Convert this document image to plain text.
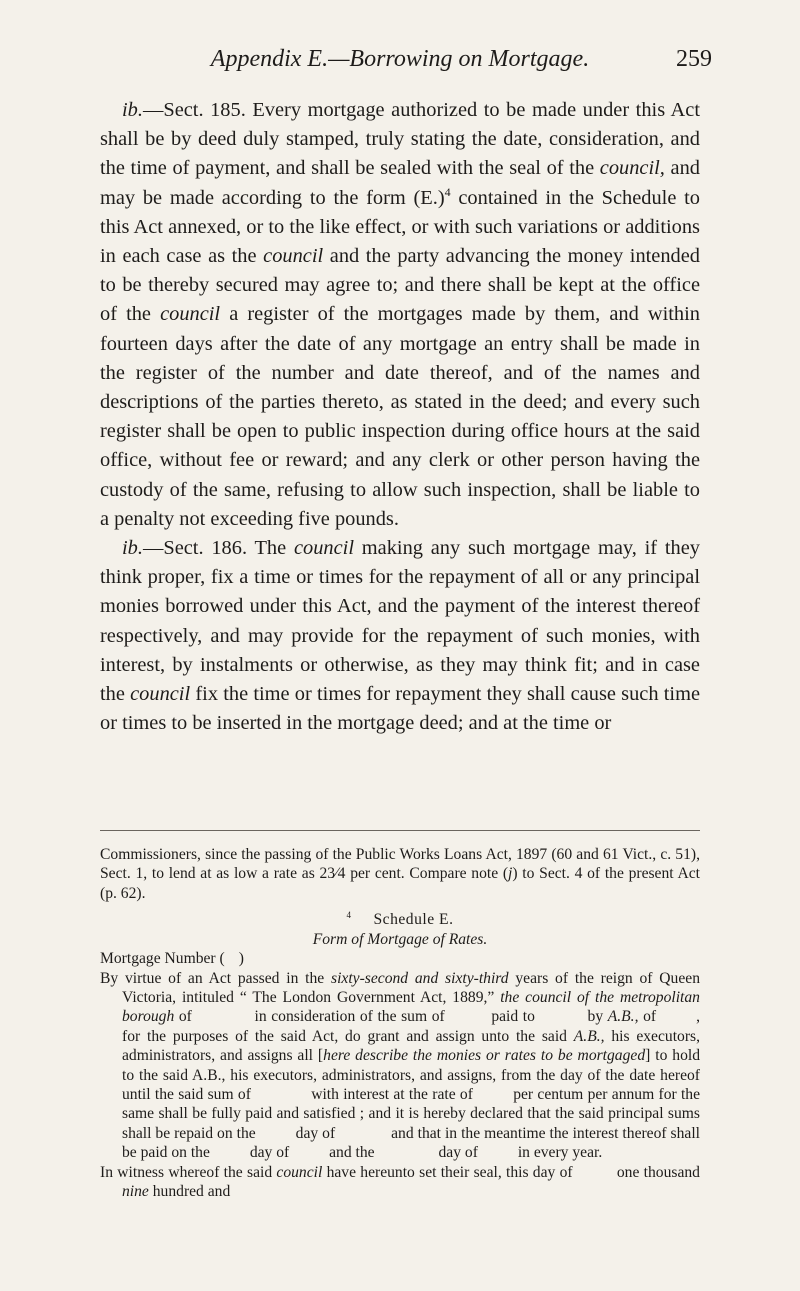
Appendix E.—Borrowing on Mortgage.	259

ib.—Sect. 185. Every mortgage authorized to be made under this Act shall be by deed duly stamped, truly stating the date, consideration, and the time of payment, and shall be sealed with the seal of the council, and may be made according to the form (E.)$^4$ contained in the Schedule to this Act annexed, or to the like effect, or with such variations or additions in each case as the council and the party advancing the money intended to be thereby secured may agree to; and there shall be kept at the office of the council a register of the mortgages made by them, and within fourteen days after the date of any mortgage an entry shall be made in the register of the number and date thereof, and of the names and descriptions of the parties thereto, as stated in the deed; and every such register shall be open to public inspection during office hours at the said office, without fee or reward; and any clerk or other person having the custody of the same, refusing to allow such inspection, shall be liable to a penalty not exceeding five pounds.

ib.—Sect. 186. The council making any such mortgage may, if they think proper, fix a time or times for the repayment of all or any principal monies borrowed under this Act, and the payment of the interest thereof respectively, and may provide for the repayment of such monies, with interest, by instalments or otherwise, as they may think fit; and in case the council fix the time or times for repayment they shall cause such time or times to be inserted in the mortgage deed; and at the time or

Commissioners, since the passing of the Public Works Loans Act, 1897 (60 and 61 Vict., c. 51), Sect. 1, to lend at as low a rate as 23⁄4 per cent. Compare note (j) to Sect. 4 of the present Act (p. 62).

$^4$ Schedule E.

Form of Mortgage of Rates.

Mortgage Number ( )

By virtue of an Act passed in the sixty-second and sixty-third years of the reign of Queen Victoria, intituled “ The London Government Act, 1889,” the council of the metropolitan borough of	in consideration of the sum of	paid to	by A.B., of	, for the purposes of the said Act, do grant and assign unto the said A.B., his executors, administrators, and assigns all [here describe the monies or rates to be mortgaged] to hold to the said A.B., his executors, administrators, and assigns, from the day of the date hereof until the said sum of	with interest at the rate of	per centum per annum for the same shall be fully paid and satisfied ; and it is hereby declared that the said principal sums shall be repaid on the	day of	and that in the meantime the interest thereof shall be paid on the	day of	and the	day of	in every year.

In witness whereof the said council have hereunto set their seal, this day of	one thousand nine hundred and
